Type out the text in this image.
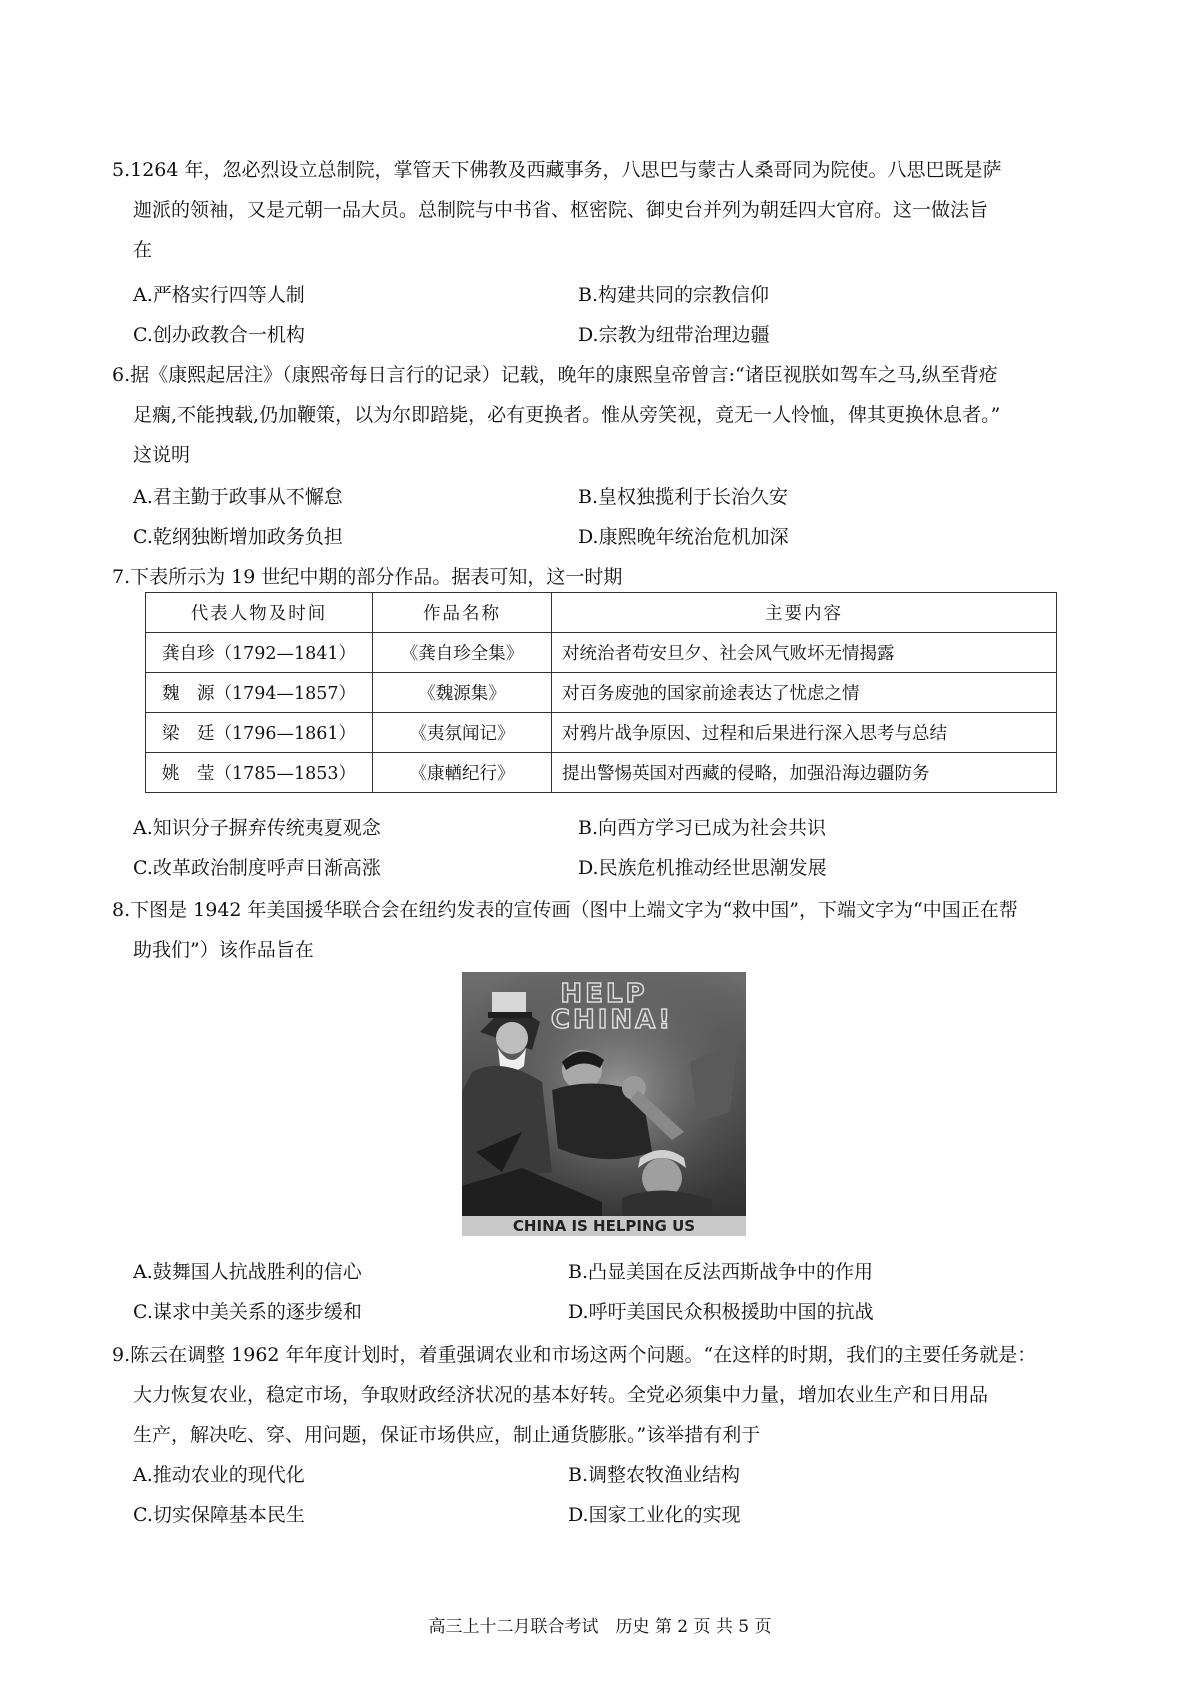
5.1264 年，忽必烈设立总制院，掌管天下佛教及西藏事务，八思巴与蒙古人桑哥同为院使。八思巴既是萨
迦派的领袖，又是元朝一品大员。总制院与中书省、枢密院、御史台并列为朝廷四大官府。这一做法旨
在
A.严格实行四等人制	B.构建共同的宗教信仰
C.创办政教合一机构	D.宗教为纽带治理边疆
6.据《康熙起居注》（康熙帝每日言行的记录）记载，晚年的康熙皇帝曾言:“诸臣视朕如驾车之马,纵至背疮
足瘸,不能拽载,仍加鞭策，以为尔即踣毙，必有更换者。惟从旁笑视，竟无一人怜恤，俾其更换休息者。”
这说明
A.君主勤于政事从不懈怠	B.皇权独揽利于长治久安
C.乾纲独断增加政务负担	D.康熙晚年统治危机加深
7.下表所示为 19 世纪中期的部分作品。据表可知，这一时期
代表人物及时间	作品名称	主要内容
龚自珍（1792—1841）	《龚自珍全集》	对统治者苟安旦夕、社会风气败坏无情揭露
魏　源（1794—1857）	《魏源集》	对百务废弛的国家前途表达了忧虑之情
梁　廷（1796—1861）	《夷氛闻记》	对鸦片战争原因、过程和后果进行深入思考与总结
姚　莹（1785—1853）	《康輶纪行》	提出警惕英国对西藏的侵略，加强沿海边疆防务
A.知识分子摒弃传统夷夏观念	B.向西方学习已成为社会共识
C.改革政治制度呼声日渐高涨	D.民族危机推动经世思潮发展
8.下图是 1942 年美国援华联合会在纽约发表的宣传画（图中上端文字为“救中国”，下端文字为“中国正在帮
助我们”）该作品旨在
HELP
CHINA!
CHINA IS HELPING US
A.鼓舞国人抗战胜利的信心	B.凸显美国在反法西斯战争中的作用
C.谋求中美关系的逐步缓和	D.呼吁美国民众积极援助中国的抗战
9.陈云在调整 1962 年年度计划时，着重强调农业和市场这两个问题。“在这样的时期，我们的主要任务就是：
大力恢复农业，稳定市场，争取财政经济状况的基本好转。全党必须集中力量，增加农业生产和日用品
生产，解决吃、穿、用问题，保证市场供应，制止通货膨胀。”该举措有利于
A.推动农业的现代化	B.调整农牧渔业结构
C.切实保障基本民生	D.国家工业化的实现
高三上十二月联合考试　历史 第 2 页 共 5 页
